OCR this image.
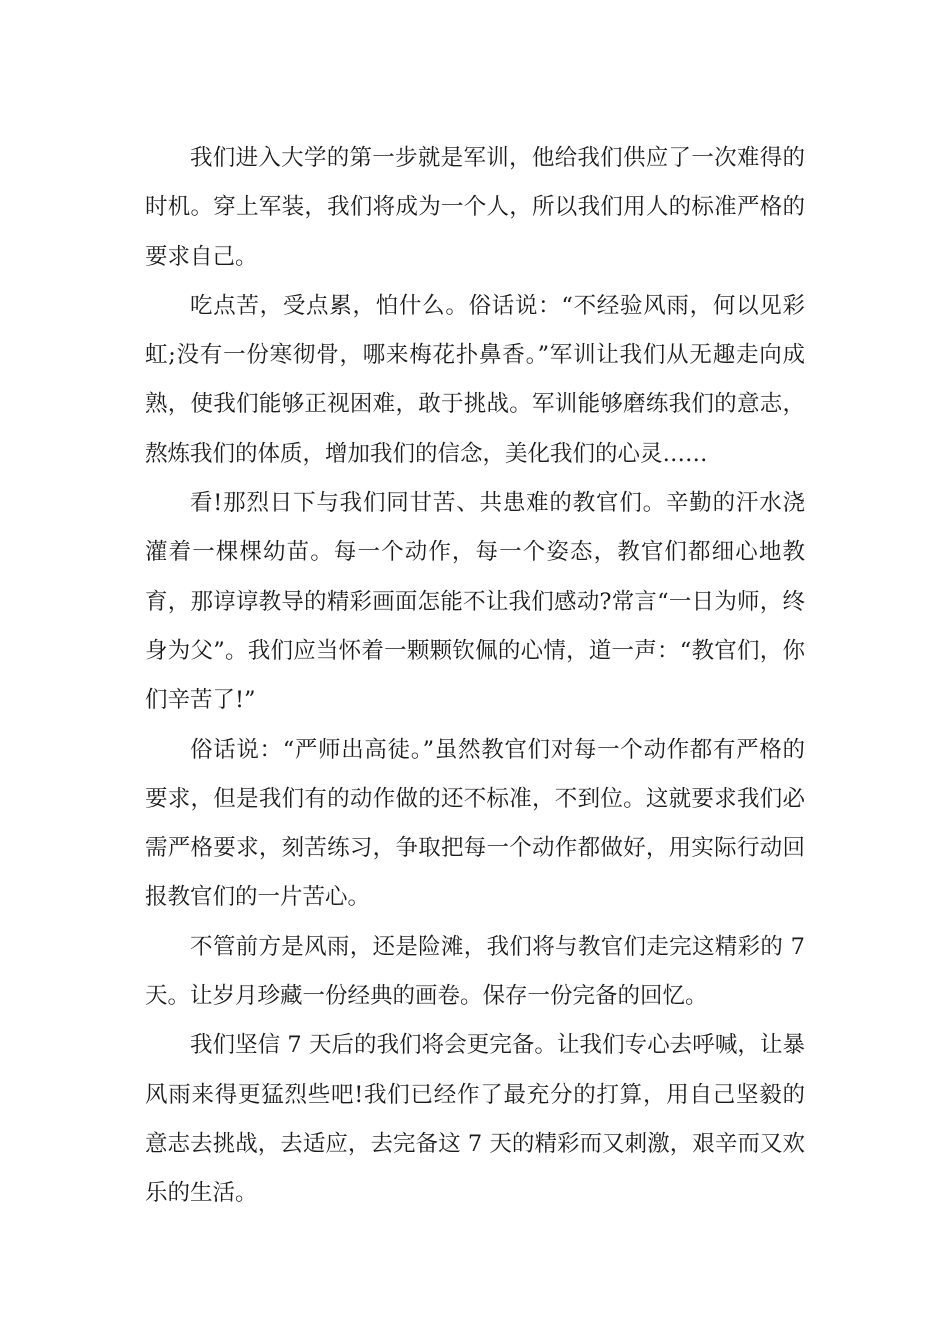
我们进入大学的第一步就是军训，他给我们供应了一次难得的时机。穿上军装，我们将成为一个人，所以我们用人的标准严格的要求自己。

吃点苦，受点累，怕什么。俗话说：“不经验风雨，何以见彩虹;没有一份寒彻骨，哪来梅花扑鼻香。”军训让我们从无趣走向成熟，使我们能够正视困难，敢于挑战。军训能够磨练我们的意志，熬炼我们的体质，增加我们的信念，美化我们的心灵……

看!那烈日下与我们同甘苦、共患难的教官们。辛勤的汗水浇灌着一棵棵幼苗。每一个动作，每一个姿态，教官们都细心地教育，那谆谆教导的精彩画面怎能不让我们感动?常言“一日为师，终身为父”。我们应当怀着一颗颗钦佩的心情，道一声：“教官们，你们辛苦了!”

俗话说：“严师出高徒。”虽然教官们对每一个动作都有严格的要求，但是我们有的动作做的还不标准，不到位。这就要求我们必需严格要求，刻苦练习，争取把每一个动作都做好，用实际行动回报教官们的一片苦心。

不管前方是风雨，还是险滩，我们将与教官们走完这精彩的 7 天。让岁月珍藏一份经典的画卷。保存一份完备的回忆。

我们坚信 7 天后的我们将会更完备。让我们专心去呼喊，让暴风雨来得更猛烈些吧!我们已经作了最充分的打算，用自己坚毅的意志去挑战，去适应，去完备这 7 天的精彩而又刺激，艰辛而又欢乐的生活。
